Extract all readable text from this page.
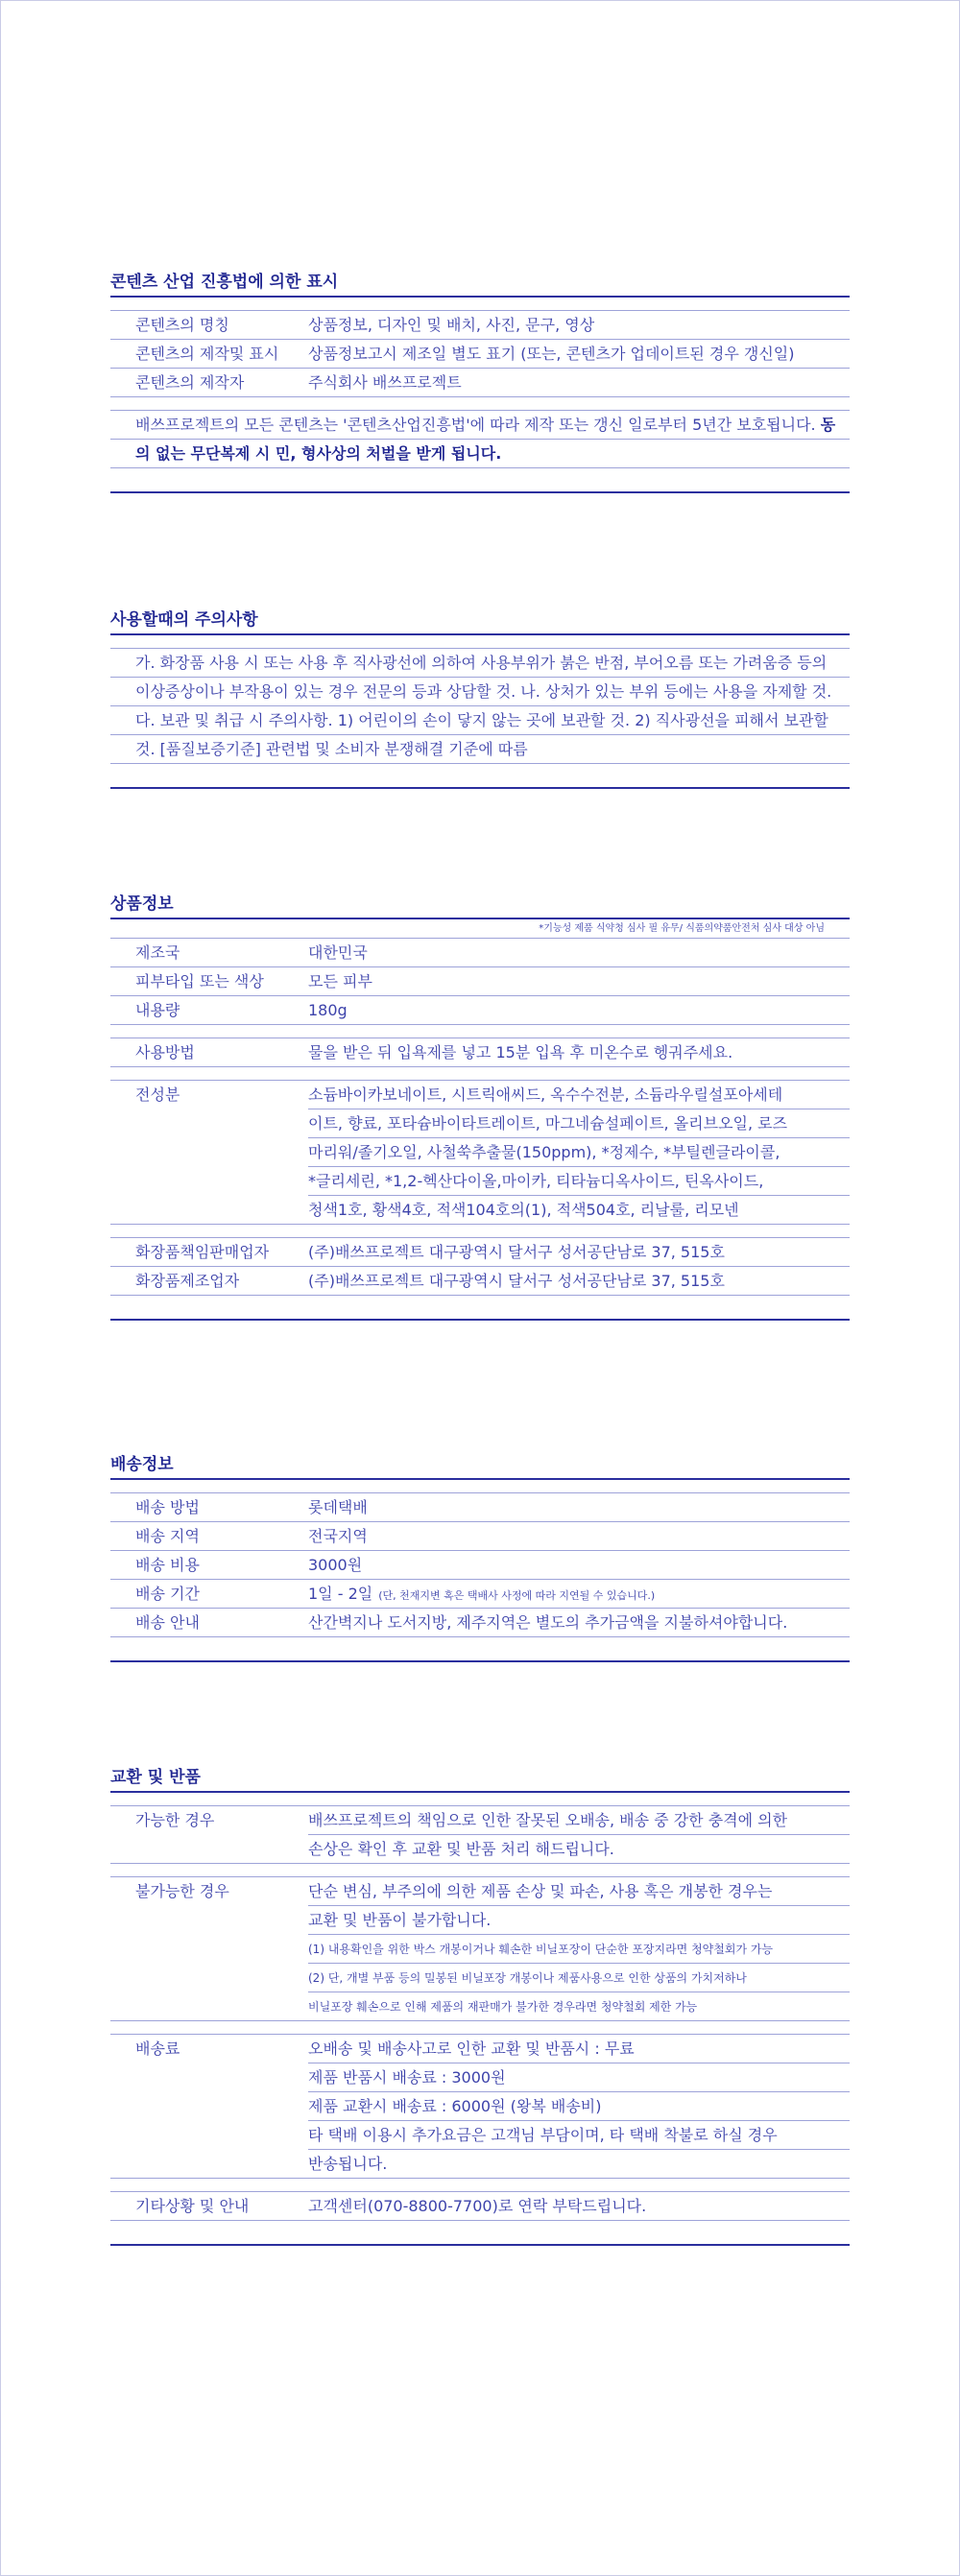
콘텐츠 산업 진흥법에 의한 표시
콘텐츠의 명칭	상품정보, 디자인 및 배치, 사진, 문구, 영상
콘텐츠의 제작및 표시	상품정보고시 제조일 별도 표기 (또는, 콘텐츠가 업데이트된 경우 갱신일)
콘텐츠의 제작자	주식회사 배쓰프로젝트
배쓰프로젝트의 모든 콘텐츠는 '콘텐츠산업진흥법'에 따라 제작 또는 갱신 일로부터 5년간 보호됩니다. 동의 없는 무단복제 시 민, 형사상의 처벌을 받게 됩니다.
사용할때의 주의사항
가. 화장품 사용 시 또는 사용 후 직사광선에 의하여 사용부위가 붉은 반점, 부어오름 또는 가려움증 등의 이상증상이나 부작용이 있는 경우 전문의 등과 상담할 것. 나. 상처가 있는 부위 등에는 사용을 자제할 것. 다. 보관 및 취급 시 주의사항. 1) 어린이의 손이 닿지 않는 곳에 보관할 것. 2) 직사광선을 피해서 보관할 것. [품질보증기준] 관련법 및 소비자 분쟁해결 기준에 따름
상품정보
*기능성 제품 식약청 심사 필 유무/ 식품의약품안전처 심사 대상 아님
제조국	대한민국
피부타입 또는 색상	모든 피부
내용량	180g
사용방법	물을 받은 뒤 입욕제를 넣고 15분 입욕 후 미온수로 헹궈주세요.
전성분	소듐바이카보네이트, 시트릭애씨드, 옥수수전분, 소듐라우릴설포아세테
이트, 향료, 포타슘바이타트레이트, 마그네슘설페이트, 올리브오일, 로즈
마리워/졸기오일, 사철쑥추출물(150ppm), *정제수, *부틸렌글라이콜,
*글리세린, *1,2-헥산다이올,마이카, 티타늄디옥사이드, 틴옥사이드,
청색1호, 황색4호, 적색104호의(1), 적색504호, 리날룰, 리모넨
화장품책임판매업자	(주)배쓰프로젝트 대구광역시 달서구 성서공단남로 37, 515호
화장품제조업자	(주)배쓰프로젝트 대구광역시 달서구 성서공단남로 37, 515호
배송정보
배송 방법	롯데택배
배송 지역	전국지역
배송 비용	3000원
배송 기간	1일 - 2일 (단, 천재지변 혹은 택배사 사정에 따라 지연될 수 있습니다.)
배송 안내	산간벽지나 도서지방, 제주지역은 별도의 추가금액을 지불하셔야합니다.
교환 및 반품
가능한 경우	배쓰프로젝트의 책임으로 인한 잘못된 오배송, 배송 중 강한 충격에 의한
손상은 확인 후 교환 및 반품 처리 해드립니다.
불가능한 경우	단순 변심, 부주의에 의한 제품 손상 및 파손, 사용 혹은 개봉한 경우는
교환 및 반품이 불가합니다.
(1) 내용확인을 위한 박스 개봉이거나 훼손한 비닐포장이 단순한 포장지라면 청약철회가 가능
(2) 단, 개별 부품 등의 밀봉된 비닐포장 개봉이나 제품사용으로 인한 상품의 가치저하나
비닐포장 훼손으로 인해 제품의 재판매가 불가한 경우라면 청약철회 제한 가능
배송료	오배송 및 배송사고로 인한 교환 및 반품시 : 무료
제품 반품시 배송료 : 3000원
제품 교환시 배송료 : 6000원 (왕복 배송비)
타 택배 이용시 추가요금은 고객님 부담이며, 타 택배 착불로 하실 경우
반송됩니다.
기타상황 및 안내	고객센터(070-8800-7700)로 연락 부탁드립니다.
